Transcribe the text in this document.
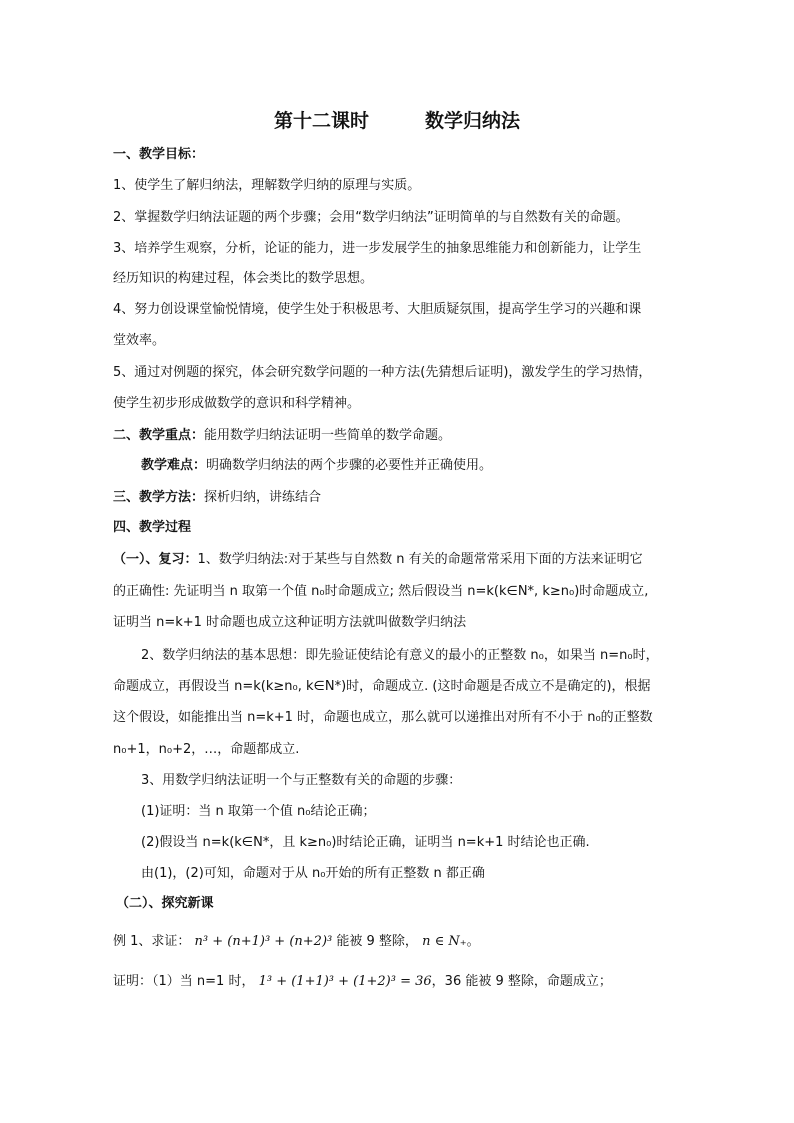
第十二课时	数学归纳法
一、教学目标：
1、使学生了解归纳法，理解数学归纳的原理与实质。
2、掌握数学归纳法证题的两个步骤；会用“数学归纳法”证明简单的与自然数有关的命题。
3、培养学生观察，分析，论证的能力，进一步发展学生的抽象思维能力和创新能力，让学生
经历知识的构建过程，体会类比的数学思想。
4、努力创设课堂愉悦情境，使学生处于积极思考、大胆质疑氛围，提高学生学习的兴趣和课
堂效率。
5、通过对例题的探究，体会研究数学问题的一种方法(先猜想后证明)，激发学生的学习热情，
使学生初步形成做数学的意识和科学精神。
二、教学重点：能用数学归纳法证明一些简单的数学命题。
教学难点：明确数学归纳法的两个步骤的必要性并正确使用。
三、教学方法：探析归纳，讲练结合
四、教学过程
（一）、复习：1、数学归纳法:对于某些与自然数 n 有关的命题常常采用下面的方法来证明它
的正确性: 先证明当 n 取第一个值 n₀时命题成立; 然后假设当 n=k(k∈N*, k≥n₀)时命题成立,
证明当 n=k+1 时命题也成立这种证明方法就叫做数学归纳法
2、数学归纳法的基本思想：即先验证使结论有意义的最小的正整数 n₀，如果当 n=n₀时，
命题成立，再假设当 n=k(k≥n₀, k∈N*)时，命题成立. (这时命题是否成立不是确定的)，根据
这个假设，如能推出当 n=k+1 时，命题也成立，那么就可以递推出对所有不小于 n₀的正整数
n₀+1，n₀+2，…，命题都成立.
3、用数学归纳法证明一个与正整数有关的命题的步骤：
(1)证明：当 n 取第一个值 n₀结论正确；
(2)假设当 n=k(k∈N*，且 k≥n₀)时结论正确，证明当 n=k+1 时结论也正确.
由(1)，(2)可知，命题对于从 n₀开始的所有正整数 n 都正确
（二）、探究新课
例 1、求证： n³ + (n+1)³ + (n+2)³ 能被 9 整除， n ∈ N₊。
证明：（1）当 n=1 时， 1³ + (1+1)³ + (1+2)³ = 36，36 能被 9 整除，命题成立；
